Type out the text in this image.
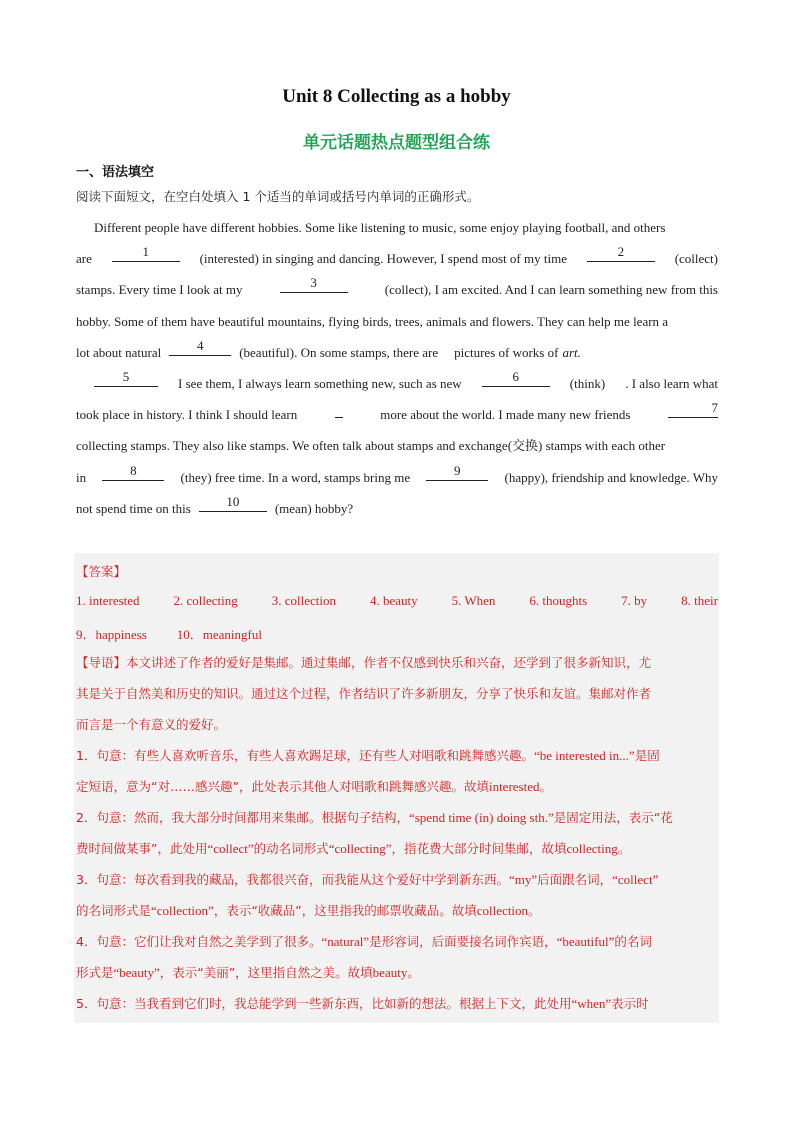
Unit 8 Collecting as a hobby
单元话题热点题型组合练
一、语法填空
阅读下面短文，在空白处填入 1 个适当的单词或括号内单词的正确形式。
Different people have different hobbies. Some like listening to music, some enjoy playing football, and others
are	1	(interested) in singing and dancing. However, I spend most of my time	2	(collect)
stamps. Every time I look at my	3	(collect), I am excited. And I can learn something new from this
hobby. Some of them have beautiful mountains, flying birds, trees, animals and flowers. They can help me learn a
lot about natural	4	(beautiful). On some stamps, there are pictures of works of art.
5	I see them, I always learn something new, such as new	6	(think) . I also learn what
took place in history. I think I should learn	more about the world. I made many new friends	7
collecting stamps. They also like stamps. We often talk about stamps and exchange(交换) stamps with each other
in	8	(they) free time. In a word, stamps bring me	9	(happy), friendship and knowledge. Why
not spend time on this	10	(mean) hobby?
【答案】
1. interested	2. collecting	3. collection	4. beauty	5. When	6. thoughts	7. by	8. their
9．happiness 10．meaningful
【导语】本文讲述了作者的爱好是集邮。通过集邮，作者不仅感到快乐和兴奋，还学到了很多新知识，尤
其是关于自然美和历史的知识。通过这个过程，作者结识了许多新朋友，分享了快乐和友谊。集邮对作者
而言是一个有意义的爱好。
1．句意：有些人喜欢听音乐，有些人喜欢踢足球，还有些人对唱歌和跳舞感兴趣。“be interested in...”是固
定短语，意为“对……感兴趣”，此处表示其他人对唱歌和跳舞感兴趣。故填interested。
2．句意：然而，我大部分时间都用来集邮。根据句子结构，“spend time (in) doing sth.”是固定用法，表示“花
费时间做某事”，此处用“collect”的动名词形式“collecting”，指花费大部分时间集邮，故填collecting。
3．句意：每次看到我的藏品，我都很兴奋，而我能从这个爱好中学到新东西。“my”后面跟名词，“collect”
的名词形式是“collection”，表示“收藏品”，这里指我的邮票收藏品。故填collection。
4．句意：它们让我对自然之美学到了很多。“natural”是形容词，后面要接名词作宾语，“beautiful”的名词
形式是“beauty”，表示“美丽”，这里指自然之美。故填beauty。
5．句意：当我看到它们时，我总能学到一些新东西，比如新的想法。根据上下文，此处用“when”表示时
